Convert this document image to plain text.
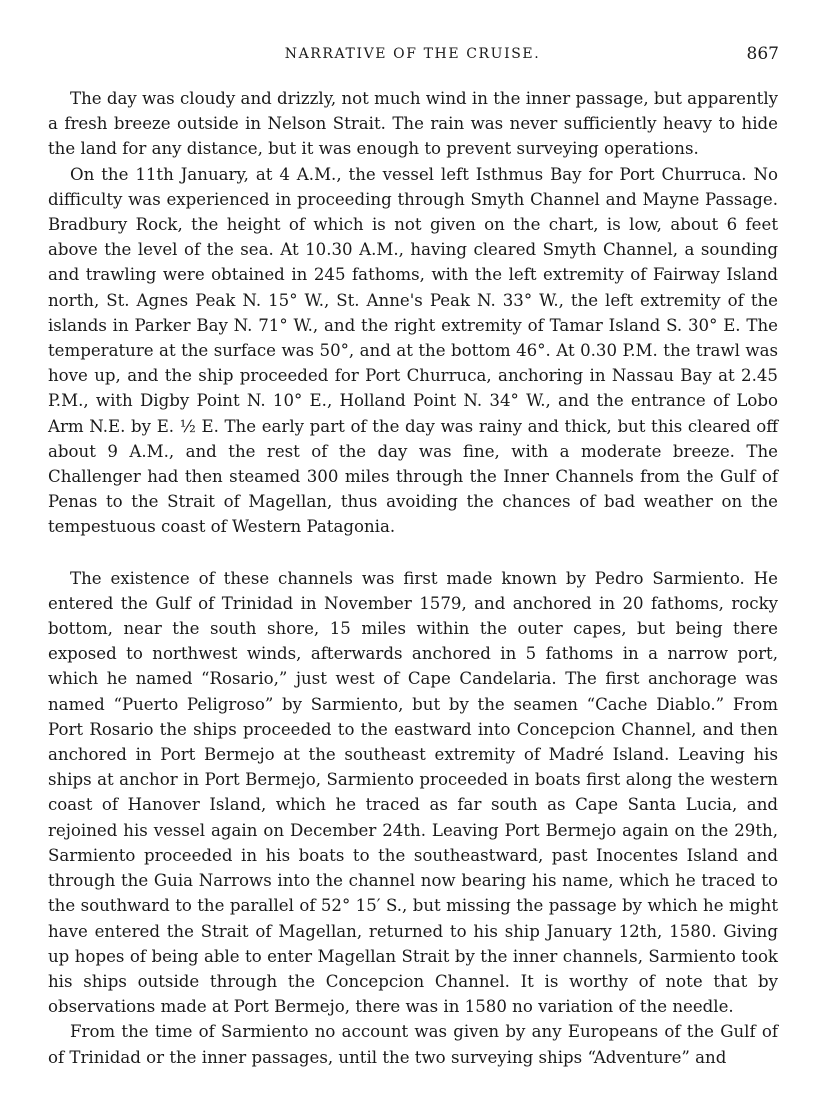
NARRATIVE OF THE CRUISE.	867

The day was cloudy and drizzly, not much wind in the inner passage, but apparently a fresh breeze outside in Nelson Strait. The rain was never sufficiently heavy to hide the land for any distance, but it was enough to prevent surveying operations.

On the 11th January, at 4 A.M., the vessel left Isthmus Bay for Port Churruca. No difficulty was experienced in proceeding through Smyth Channel and Mayne Passage. Bradbury Rock, the height of which is not given on the chart, is low, about 6 feet above the level of the sea. At 10.30 A.M., having cleared Smyth Channel, a sounding and trawling were obtained in 245 fathoms, with the left extremity of Fairway Island north, St. Agnes Peak N. 15° W., St. Anne's Peak N. 33° W., the left extremity of the islands in Parker Bay N. 71° W., and the right extremity of Tamar Island S. 30° E. The temperature at the surface was 50°, and at the bottom 46°. At 0.30 P.M. the trawl was hove up, and the ship proceeded for Port Churruca, anchoring in Nassau Bay at 2.45 P.M., with Digby Point N. 10° E., Holland Point N. 34° W., and the entrance of Lobo Arm N.E. by E. ½ E. The early part of the day was rainy and thick, but this cleared off about 9 A.M., and the rest of the day was fine, with a moderate breeze. The Challenger had then steamed 300 miles through the Inner Channels from the Gulf of Penas to the Strait of Magellan, thus avoiding the chances of bad weather on the tempestuous coast of Western Patagonia.

The existence of these channels was first made known by Pedro Sarmiento. He entered the Gulf of Trinidad in November 1579, and anchored in 20 fathoms, rocky bottom, near the south shore, 15 miles within the outer capes, but being there exposed to northwest winds, afterwards anchored in 5 fathoms in a narrow port, which he named “Rosario,” just west of Cape Candelaria. The first anchorage was named “Puerto Peligroso” by Sarmiento, but by the seamen “Cache Diablo.” From Port Rosario the ships proceeded to the eastward into Concepcion Channel, and then anchored in Port Bermejo at the southeast extremity of Madré Island. Leaving his ships at anchor in Port Bermejo, Sarmiento proceeded in boats first along the western coast of Hanover Island, which he traced as far south as Cape Santa Lucia, and rejoined his vessel again on December 24th. Leaving Port Bermejo again on the 29th, Sarmiento proceeded in his boats to the southeastward, past Inocentes Island and through the Guia Narrows into the channel now bearing his name, which he traced to the southward to the parallel of 52° 15′ S., but missing the passage by which he might have entered the Strait of Magellan, returned to his ship January 12th, 1580. Giving up hopes of being able to enter Magellan Strait by the inner channels, Sarmiento took his ships outside through the Concepcion Channel. It is worthy of note that by observations made at Port Bermejo, there was in 1580 no variation of the needle.

From the time of Sarmiento no account was given by any Europeans of the Gulf of of Trinidad or the inner passages, until the two surveying ships “Adventure” and
